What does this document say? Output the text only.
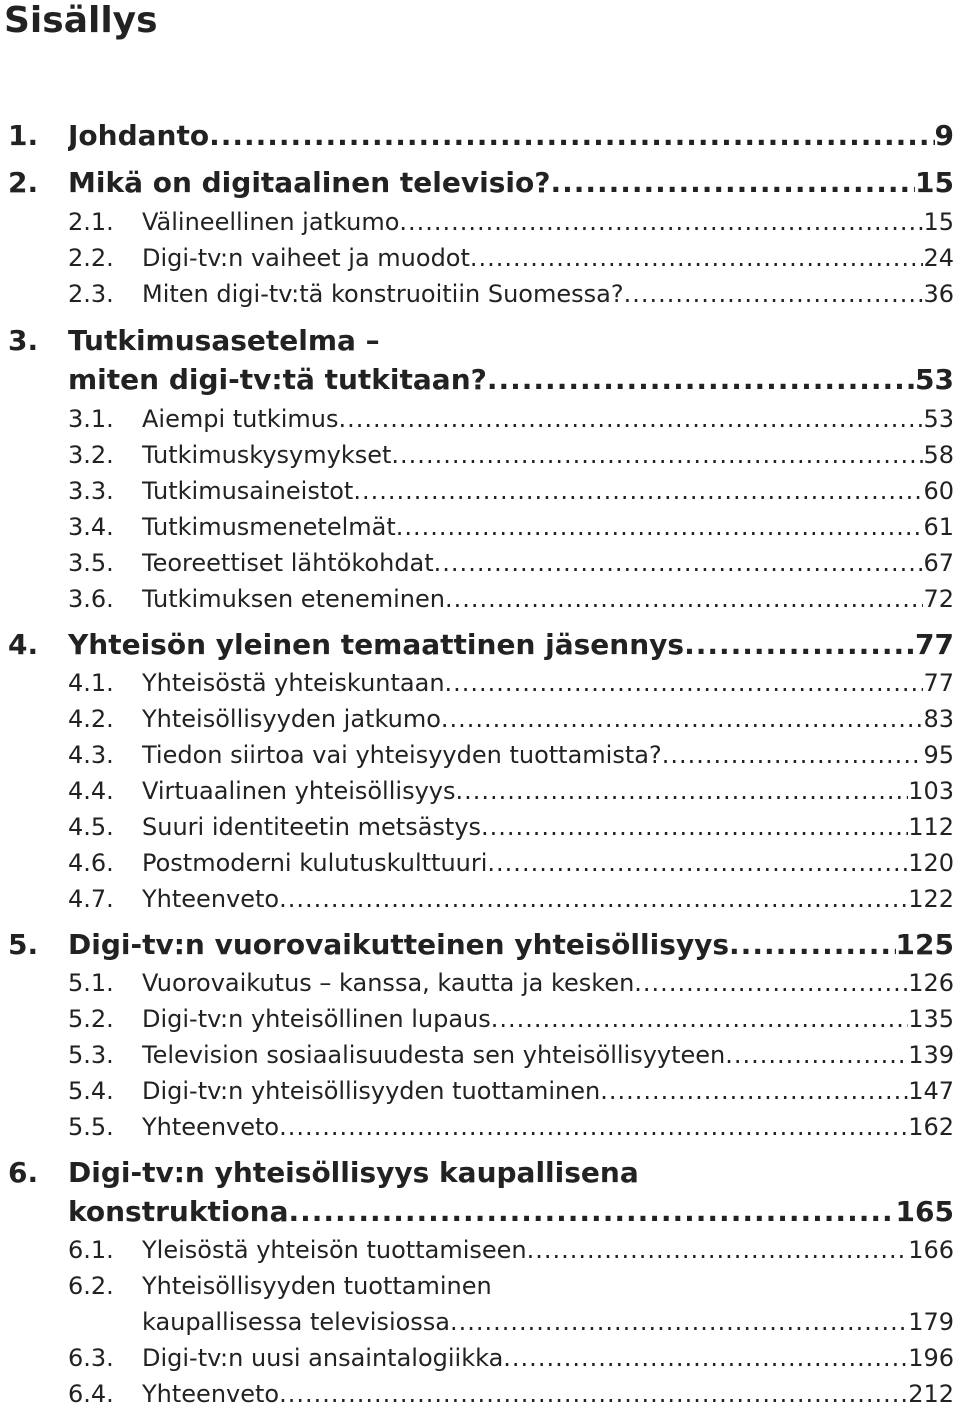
Sisällys
1. Johdanto .....	9
2. Mikä on digitaalinen televisio? .....	15
2.1. Välineellinen jatkumo .....	15
2.2. Digi-tv:n vaiheet ja muodot .....	24
2.3. Miten digi-tv:tä konstruoitiin Suomessa? .....	36
3. Tutkimusasetelma –
miten digi-tv:tä tutkitaan? .....	53
3.1. Aiempi tutkimus .....	53
3.2. Tutkimuskysymykset .....	58
3.3. Tutkimusaineistot .....	60
3.4. Tutkimusmenetelmät .....	61
3.5. Teoreettiset lähtökohdat .....	67
3.6. Tutkimuksen eteneminen .....	72
4. Yhteisön yleinen temaattinen jäsennys .....	77
4.1. Yhteisöstä yhteiskuntaan .....	77
4.2. Yhteisöllisyyden jatkumo .....	83
4.3. Tiedon siirtoa vai yhteisyyden tuottamista? .....	95
4.4. Virtuaalinen yhteisöllisyys .....	103
4.5. Suuri identiteetin metsästys .....	112
4.6. Postmoderni kulutuskulttuuri .....	120
4.7. Yhteenveto .....	122
5. Digi-tv:n vuorovaikutteinen yhteisöllisyys .....	125
5.1. Vuorovaikutus – kanssa, kautta ja kesken .....	126
5.2. Digi-tv:n yhteisöllinen lupaus .....	135
5.3. Television sosiaalisuudesta sen yhteisöllisyyteen .....	139
5.4. Digi-tv:n yhteisöllisyyden tuottaminen .....	147
5.5. Yhteenveto .....	162
6. Digi-tv:n yhteisöllisyys kaupallisena
konstruktiona .....	165
6.1. Yleisöstä yhteisön tuottamiseen .....	166
6.2. Yhteisöllisyyden tuottaminen
kaupallisessa televisiossa .....	179
6.3. Digi-tv:n uusi ansaintalogiikka .....	196
6.4. Yhteenveto .....	212
